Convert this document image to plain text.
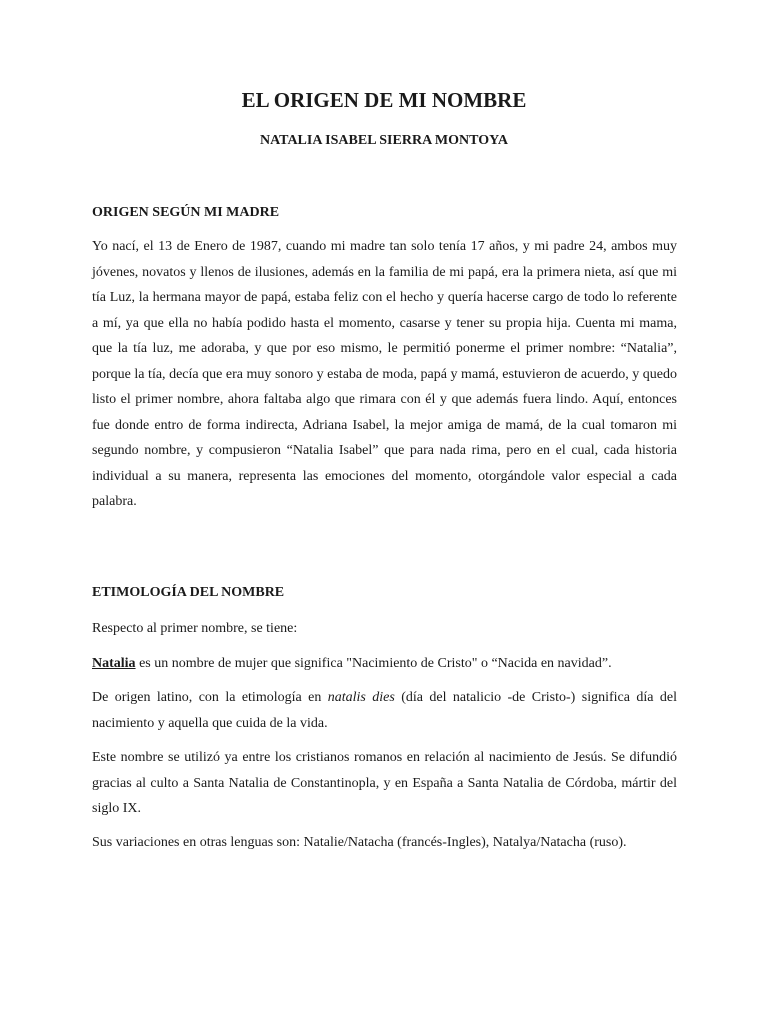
EL ORIGEN DE MI NOMBRE

NATALIA ISABEL SIERRA MONTOYA

ORIGEN SEGÚN MI MADRE

Yo nací, el 13 de Enero de 1987, cuando mi madre tan solo tenía 17 años, y mi padre 24, ambos muy jóvenes, novatos y llenos de ilusiones, además en la familia de mi papá, era la primera nieta, así que mi tía Luz, la hermana mayor de papá, estaba feliz con el hecho y quería hacerse cargo de todo lo referente a mí, ya que ella no había podido hasta el momento, casarse y tener su propia hija. Cuenta mi mama, que la tía luz, me adoraba, y que por eso mismo, le permitió ponerme el primer nombre: “Natalia”, porque la tía, decía que era muy sonoro y estaba de moda, papá y mamá, estuvieron de acuerdo, y quedo listo el primer nombre, ahora faltaba algo que rimara con él y que además fuera lindo. Aquí, entonces fue donde entro de forma indirecta, Adriana Isabel, la mejor amiga de mamá, de la cual tomaron mi segundo nombre, y compusieron “Natalia Isabel” que para nada rima, pero en el cual, cada historia individual a su manera, representa las emociones del momento, otorgándole valor especial a cada palabra.

ETIMOLOGÍA DEL NOMBRE

Respecto al primer nombre, se tiene:

Natalia es un nombre de mujer que significa "Nacimiento de Cristo" o “Nacida en navidad”.

De origen latino, con la etimología en natalis dies (día del natalicio -de Cristo-) significa día del nacimiento y aquella que cuida de la vida.

Este nombre se utilizó ya entre los cristianos romanos en relación al nacimiento de Jesús. Se difundió gracias al culto a Santa Natalia de Constantinopla, y en España a Santa Natalia de Córdoba, mártir del siglo IX.

Sus variaciones en otras lenguas son: Natalie/Natacha (francés-Ingles), Natalya/Natacha (ruso).
